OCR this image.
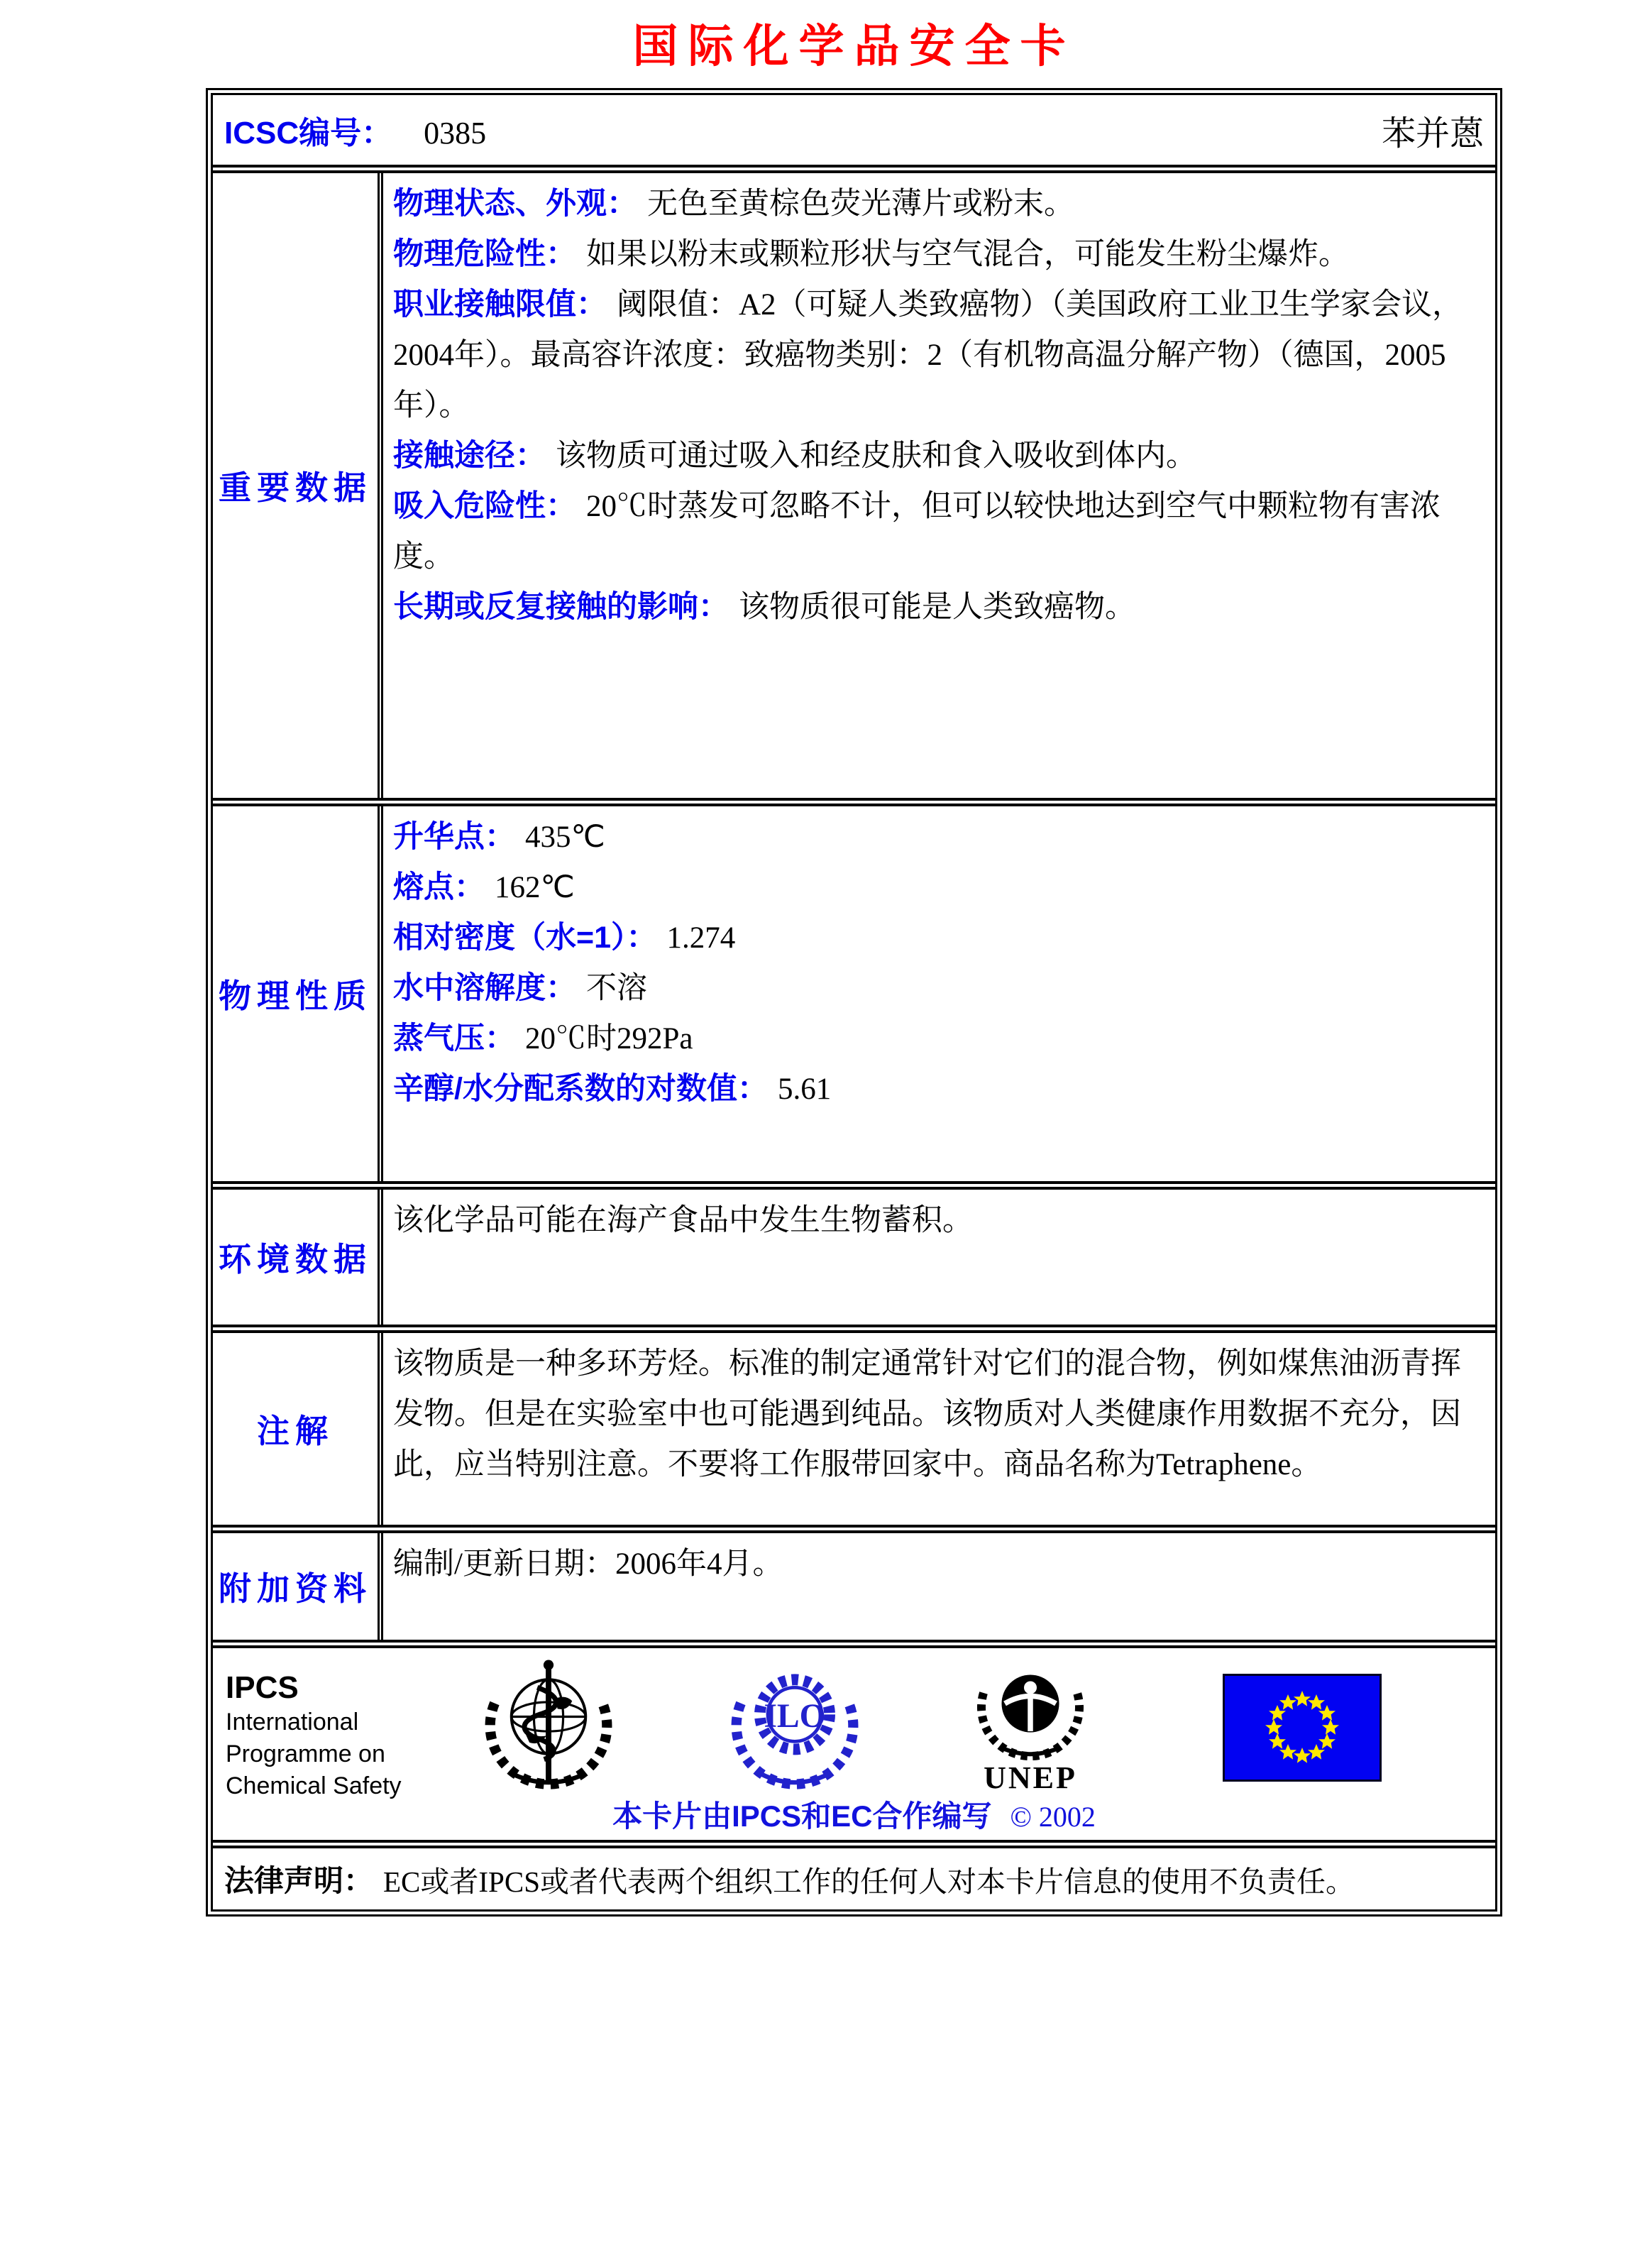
国际化学品安全卡
ICSC编号： 0385	苯并蒽
重要数据

物理状态、外观： 无色至黄棕色荧光薄片或粉末。

物理危险性： 如果以粉末或颗粒形状与空气混合，可能发生粉尘爆炸。

职业接触限值： 阈限值：A2（可疑人类致癌物）（美国政府工业卫生学家会议，2004年）。最高容许浓度：致癌物类别：2（有机物高温分解产物）（德国，2005年）。

接触途径： 该物质可通过吸入和经皮肤和食入吸收到体内。

吸入危险性： 20℃时蒸发可忽略不计，但可以较快地达到空气中颗粒物有害浓度。

长期或反复接触的影响： 该物质很可能是人类致癌物。

物理性质

升华点： 435℃

熔点： 162℃

相对密度（水=1）： 1.274

水中溶解度： 不溶

蒸气压： 20℃时292Pa

辛醇/水分配系数的对数值： 5.61

环境数据

该化学品可能在海产食品中发生生物蓄积。

注解

该物质是一种多环芳烃。标准的制定通常针对它们的混合物，例如煤焦油沥青挥发物。但是在实验室中也可能遇到纯品。该物质对人类健康作用数据不充分，因此，应当特别注意。不要将工作服带回家中。商品名称为Tetraphene。

附加资料

编制/更新日期：2006年4月。

IPCS
International Programme on Chemical Safety
ILO
UNEP
本卡片由IPCS和EC合作编写 © 2002
法律声明： EC或者IPCS或者代表两个组织工作的任何人对本卡片信息的使用不负责任。
